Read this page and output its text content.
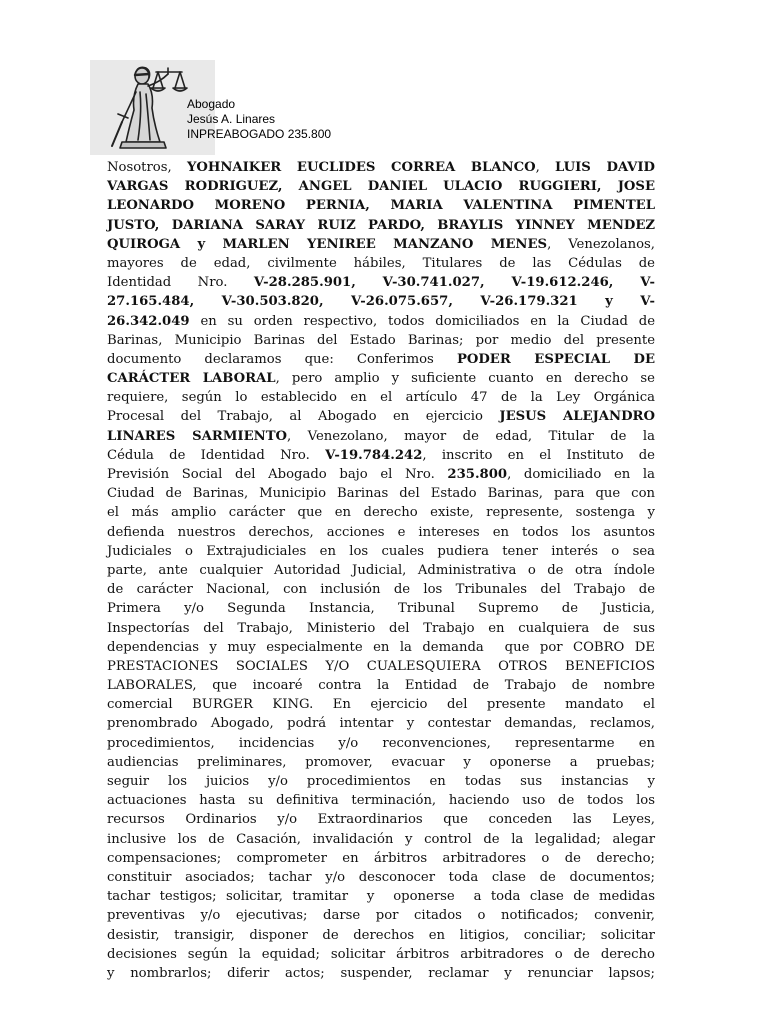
Abogado
Jesús A. Linares
INPREABOGADO 235.800
Nosotros, YOHNAIKER EUCLIDES CORREA BLANCO, LUIS DAVID
VARGAS RODRIGUEZ, ANGEL DANIEL ULACIO RUGGIERI, JOSE
LEONARDO MORENO PERNIA, MARIA VALENTINA PIMENTEL
JUSTO, DARIANA SARAY RUIZ PARDO, BRAYLIS YINNEY MENDEZ
QUIROGA y MARLEN YENIREE MANZANO MENES, Venezolanos,
mayores de edad, civilmente hábiles, Titulares de las Cédulas de
Identidad Nro. V-28.285.901, V-30.741.027, V-19.612.246, V-
27.165.484, V-30.503.820, V-26.075.657, V-26.179.321 y V-
26.342.049 en su orden respectivo, todos domiciliados en la Ciudad de
Barinas, Municipio Barinas del Estado Barinas; por medio del presente
documento declaramos que: Conferimos PODER ESPECIAL DE
CARÁCTER LABORAL, pero amplio y suficiente cuanto en derecho se
requiere, según lo establecido en el artículo 47 de la Ley Orgánica
Procesal del Trabajo, al Abogado en ejercicio JESUS ALEJANDRO
LINARES SARMIENTO, Venezolano, mayor de edad, Titular de la
Cédula de Identidad Nro. V-19.784.242, inscrito en el Instituto de
Previsión Social del Abogado bajo el Nro. 235.800, domiciliado en la
Ciudad de Barinas, Municipio Barinas del Estado Barinas, para que con
el más amplio carácter que en derecho existe, represente, sostenga y
defienda nuestros derechos, acciones e intereses en todos los asuntos
Judiciales o Extrajudiciales en los cuales pudiera tener interés o sea
parte, ante cualquier Autoridad Judicial, Administrativa o de otra índole
de carácter Nacional, con inclusión de los Tribunales del Trabajo de
Primera y/o Segunda Instancia, Tribunal Supremo de Justicia,
Inspectorías del Trabajo, Ministerio del Trabajo en cualquiera de sus
dependencias y muy especialmente en la demanda  que por COBRO DE
PRESTACIONES SOCIALES Y/O CUALESQUIERA OTROS BENEFICIOS
LABORALES, que incoaré contra la Entidad de Trabajo de nombre
comercial BURGER KING. En ejercicio del presente mandato el
prenombrado Abogado, podrá intentar y contestar demandas, reclamos,
procedimientos, incidencias y/o reconvenciones, representarme en
audiencias preliminares, promover, evacuar y oponerse a pruebas;
seguir los juicios y/o procedimientos en todas sus instancias y
actuaciones hasta su definitiva terminación, haciendo uso de todos los
recursos Ordinarios y/o Extraordinarios que conceden las Leyes,
inclusive los de Casación, invalidación y control de la legalidad; alegar
compensaciones; comprometer en árbitros arbitradores o de derecho;
constituir asociados; tachar y/o desconocer toda clase de documentos;
tachar testigos; solicitar, tramitar  y  oponerse  a toda clase de medidas
preventivas y/o ejecutivas; darse por citados o notificados; convenir,
desistir, transigir, disponer de derechos en litigios, conciliar; solicitar
decisiones según la equidad; solicitar árbitros arbitradores o de derecho
y nombrarlos; diferir actos; suspender, reclamar y renunciar lapsos;
